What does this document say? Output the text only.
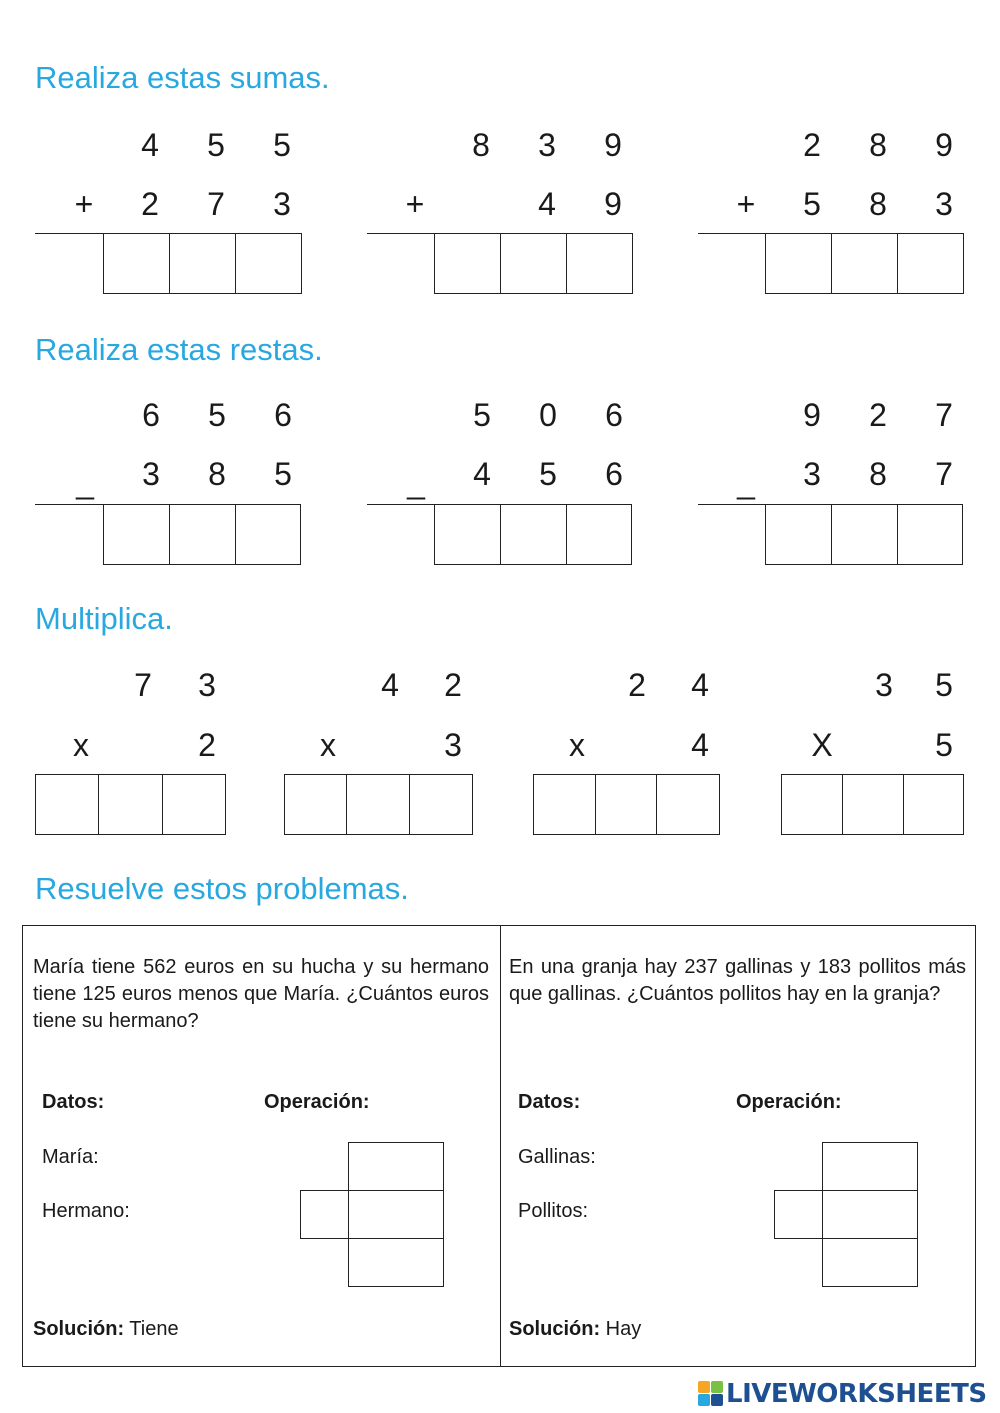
Realiza estas sumas.
Realiza estas restas.
Multiplica.
Resuelve estos problemas.
4 5 5
+ 2 7 3
8 3 9
+	4 9
2 8 9
+ 5 8 3
6 5 6
_ 3 8 5
5 0 6
_ 4 5 6
9 2 7
_ 3 8 7
7 3
x	2
4 2
x	3
2 4
x	4
3 5
X	5

María tiene 562 euros en su hucha y su hermano tiene 125 euros menos que María. ¿Cuántos euros tiene su hermano?

Datos:	Operación:
María:
Hermano:
Solución: Tiene

En una granja hay 237 gallinas y 183 pollitos más que gallinas. ¿Cuántos pollitos hay en la granja?

Datos:	Operación:
Gallinas:
Pollitos:
Solución: Hay
LIVEWORKSHEETS
